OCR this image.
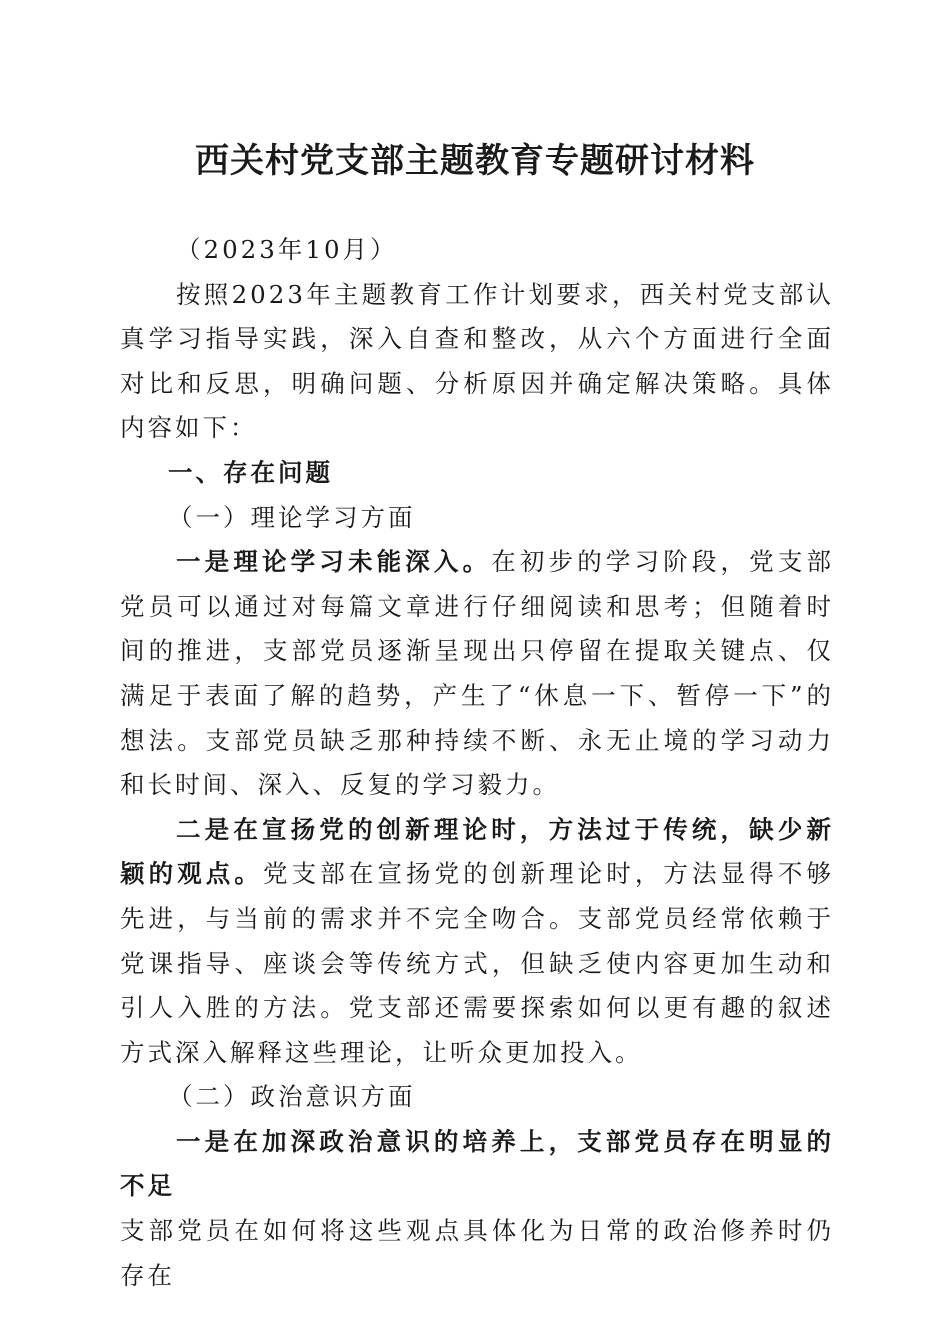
西关村党支部主题教育专题研讨材料

（2023年10月）

按照2023年主题教育工作计划要求，西关村党支部认真学习指导实践，深入自查和整改，从六个方面进行全面对比和反思，明确问题、分析原因并确定解决策略。具体内容如下：

一、存在问题

（一）理论学习方面

一是理论学习未能深入。在初步的学习阶段，党支部党员可以通过对每篇文章进行仔细阅读和思考；但随着时间的推进，支部党员逐渐呈现出只停留在提取关键点、仅满足于表面了解的趋势，产生了“休息一下、暂停一下”的想法。支部党员缺乏那种持续不断、永无止境的学习动力和长时间、深入、反复的学习毅力。

二是在宣扬党的创新理论时，方法过于传统，缺少新颖的观点。党支部在宣扬党的创新理论时，方法显得不够先进，与当前的需求并不完全吻合。支部党员经常依赖于党课指导、座谈会等传统方式，但缺乏使内容更加生动和引人入胜的方法。党支部还需要探索如何以更有趣的叙述方式深入解释这些理论，让听众更加投入。

（二）政治意识方面

一是在加深政治意识的培养上，支部党员存在明显的不足

支部党员在如何将这些观点具体化为日常的政治修养时仍存在
